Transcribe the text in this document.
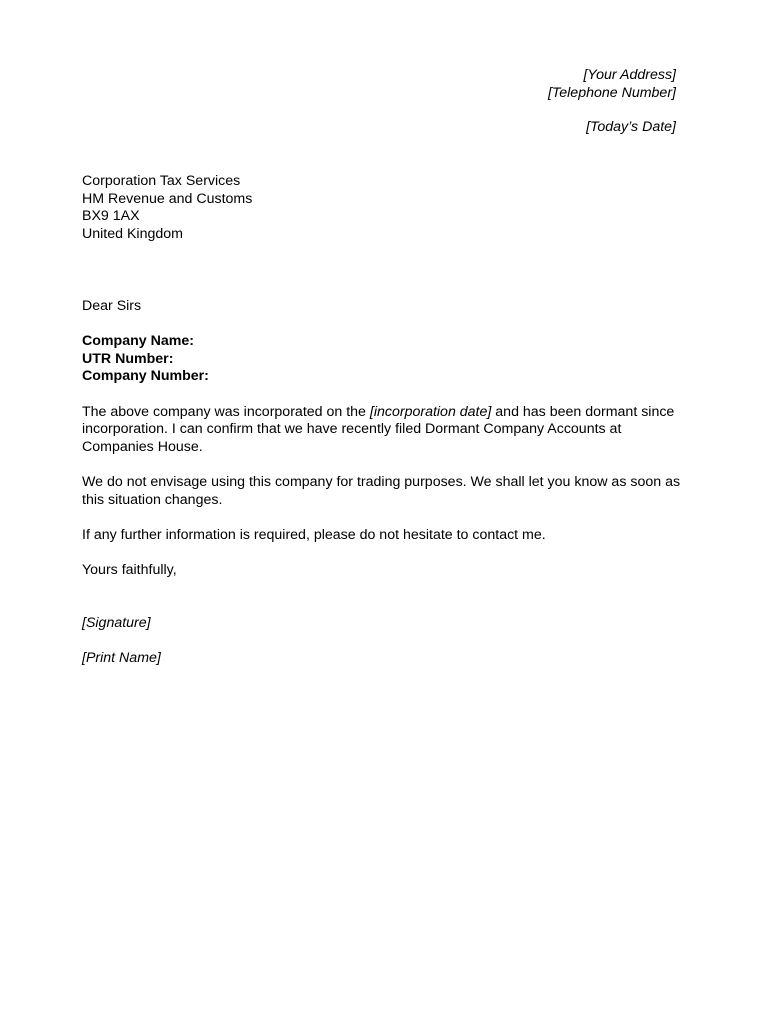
[Your Address]
[Telephone Number]
[Today’s Date]
Corporation Tax Services
HM Revenue and Customs
BX9 1AX
United Kingdom

Dear Sirs

Company Name:
UTR Number:
Company Number:

The above company was incorporated on the [incorporation date] and has been dormant since incorporation. I can confirm that we have recently filed Dormant Company Accounts at Companies House.

We do not envisage using this company for trading purposes. We shall let you know as soon as this situation changes.

If any further information is required, please do not hesitate to contact me.

Yours faithfully,

[Signature]

[Print Name]
